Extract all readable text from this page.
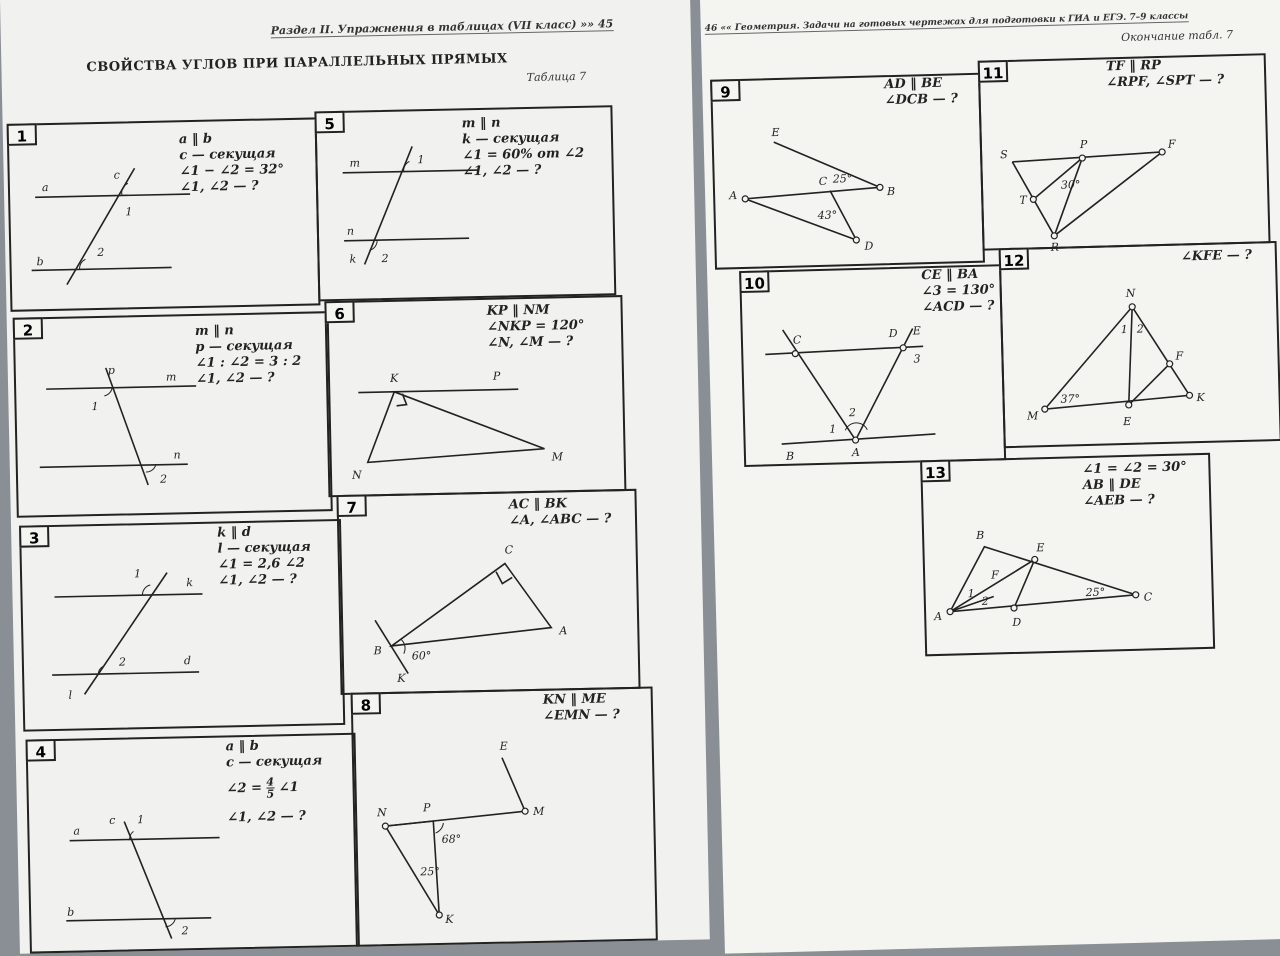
Раздел II. Упражнения в таблицах (VII класс) »» 45
СВОЙСТВА УГЛОВ ПРИ ПАРАЛЛЕЛЬНЫХ ПРЯМЫХ
Таблица 7
1	a ‖ b
c — секущая
∠1 − ∠2 = 32°
∠1, ∠2 — ?
a
b
c
1
2
5	m ‖ n
k — секущая
∠1 = 60% от ∠2
∠1, ∠2 — ?
m
n
k
1
2
2	m ‖ n
p — секущая
∠1 : ∠2 = 3 : 2
∠1, ∠2 — ?
p
m
n
1
2
6	KP ‖ NM
∠NKP = 120°
∠N, ∠M — ?
K	P
N
M
3	k ‖ d
l — секущая
∠1 = 2,6 ∠2
∠1, ∠2 — ?
1
k
2	d
l
7	AC ‖ BK
∠A, ∠ABC — ?
C
A
B
K
60°
4	a ‖ b
c — секущая
∠2 = $\frac{4}{5}$ ∠1
∠1, ∠2 — ?
a
b
c 1
2
8	KN ‖ ME
∠EMN — ?
N	P	M
E
K
68°
25°
46 «« Геометрия. Задачи на готовых чертежах для подготовки к ГИА и ЕГЭ. 7–9 классы
Окончание табл. 7
9	AD ‖ BE
∠DCB — ?
E
A
C
B
D
25°
43°
11	TF ‖ RP
∠RPF, ∠SPT — ?
S
P	F
T
R
30°
10	CE ‖ BA
∠3 = 130°
∠ACD — ?
C	D E
B	A
1
2
3
12	∠KFE — ?
N
F
M	E
K
1 2
37°
13	∠1 = ∠2 = 30°
AB ‖ DE
∠AEB — ?
B
E
F
A	D
C
1
2
25°
